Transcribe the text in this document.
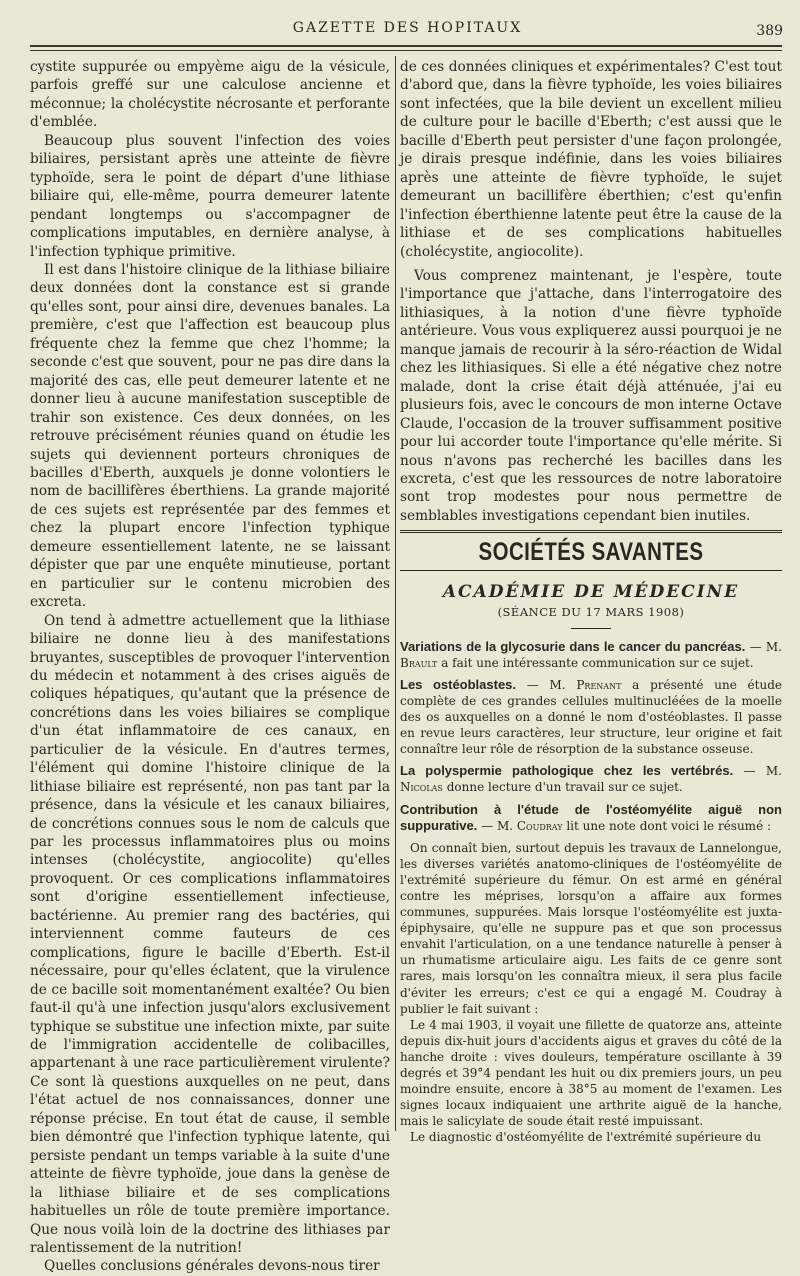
GAZETTE DES HOPITAUX	389

cystite suppurée ou empyème aigu de la vésicule, parfois greffé sur une calculose ancienne et méconnue; la cholécystite nécrosante et perforante d'emblée.

Beaucoup plus souvent l'infection des voies biliaires, persistant après une atteinte de fièvre typhoïde, sera le point de départ d'une lithiase biliaire qui, elle-même, pourra demeurer latente pendant longtemps ou s'accompagner de complications imputables, en dernière analyse, à l'infection typhique primitive.

Il est dans l'histoire clinique de la lithiase biliaire deux données dont la constance est si grande qu'elles sont, pour ainsi dire, devenues banales. La première, c'est que l'affection est beaucoup plus fréquente chez la femme que chez l'homme; la seconde c'est que souvent, pour ne pas dire dans la majorité des cas, elle peut demeurer latente et ne donner lieu à aucune manifestation susceptible de trahir son existence. Ces deux données, on les retrouve précisément réunies quand on étudie les sujets qui deviennent porteurs chroniques de bacilles d'Eberth, auxquels je donne volontiers le nom de bacillifères éberthiens. La grande majorité de ces sujets est représentée par des femmes et chez la plupart encore l'infection typhique demeure essentiellement latente, ne se laissant dépister que par une enquête minutieuse, portant en particulier sur le contenu microbien des excreta.

On tend à admettre actuellement que la lithiase biliaire ne donne lieu à des manifestations bruyantes, susceptibles de provoquer l'intervention du médecin et notamment à des crises aiguës de coliques hépatiques, qu'autant que la présence de concrétions dans les voies biliaires se complique d'un état inflammatoire de ces canaux, en particulier de la vésicule. En d'autres termes, l'élément qui domine l'histoire clinique de la lithiase biliaire est représenté, non pas tant par la présence, dans la vésicule et les canaux biliaires, de concrétions connues sous le nom de calculs que par les processus inflammatoires plus ou moins intenses (cholécystite, angiocolite) qu'elles provoquent. Or ces complications inflammatoires sont d'origine essentiellement infectieuse, bactérienne. Au premier rang des bactéries, qui interviennent comme fauteurs de ces complications, figure le bacille d'Eberth. Est-il nécessaire, pour qu'elles éclatent, que la virulence de ce bacille soit momentanément exaltée? Ou bien faut-il qu'à une infection jusqu'alors exclusivement typhique se substitue une infection mixte, par suite de l'immigration accidentelle de colibacilles, appartenant à une race particulièrement virulente? Ce sont là questions auxquelles on ne peut, dans l'état actuel de nos connaissances, donner une réponse précise. En tout état de cause, il semble bien démontré que l'infection typhique latente, qui persiste pendant un temps variable à la suite d'une atteinte de fièvre typhoïde, joue dans la genèse de la lithiase biliaire et de ses complications habituelles un rôle de toute première importance. Que nous voilà loin de la doctrine des lithiases par ralentissement de la nutrition!

Quelles conclusions générales devons-nous tirer

de ces données cliniques et expérimentales? C'est tout d'abord que, dans la fièvre typhoïde, les voies biliaires sont infectées, que la bile devient un excellent milieu de culture pour le bacille d'Eberth; c'est aussi que le bacille d'Eberth peut persister d'une façon prolongée, je dirais presque indéfinie, dans les voies biliaires après une atteinte de fièvre typhoïde, le sujet demeurant un bacillifère éberthien; c'est qu'enfin l'infection éberthienne latente peut être la cause de la lithiase et de ses complications habituelles (cholécystite, angiocolite).

Vous comprenez maintenant, je l'espère, toute l'importance que j'attache, dans l'interrogatoire des lithiasiques, à la notion d'une fièvre typhoïde antérieure. Vous vous expliquerez aussi pourquoi je ne manque jamais de recourir à la séro-réaction de Widal chez les lithiasiques. Si elle a été négative chez notre malade, dont la crise était déjà atténuée, j'ai eu plusieurs fois, avec le concours de mon interne Octave Claude, l'occasion de la trouver suffisamment positive pour lui accorder toute l'importance qu'elle mérite. Si nous n'avons pas recherché les bacilles dans les excreta, c'est que les ressources de notre laboratoire sont trop modestes pour nous permettre de semblables investigations cependant bien inutiles.

SOCIÉTÉS SAVANTES
ACADÉMIE DE MÉDECINE
(SÉANCE DU 17 MARS 1908)
Variations de la glycosurie dans le cancer du pancréas. — M. Brault a fait une intéressante communication sur ce sujet.
Les ostéoblastes. — M. Prenant a présenté une étude complète de ces grandes cellules multinucléées de la moelle des os auxquelles on a donné le nom d'ostéoblastes. Il passe en revue leurs caractères, leur structure, leur origine et fait connaître leur rôle de résorption de la substance osseuse.
La polyspermie pathologique chez les vertébrés. — M. Nicolas donne lecture d'un travail sur ce sujet.
Contribution à l'étude de l'ostéomyélite aiguë non suppurative. — M. Coudray lit une note dont voici le résumé :

On connaît bien, surtout depuis les travaux de Lannelongue, les diverses variétés anatomo-cliniques de l'ostéomyélite de l'extrémité supérieure du fémur. On est armé en général contre les méprises, lorsqu'on a affaire aux formes communes, suppurées. Mais lorsque l'ostéomyélite est juxta-épiphysaire, qu'elle ne suppure pas et que son processus envahit l'articulation, on a une tendance naturelle à penser à un rhumatisme articulaire aigu. Les faits de ce genre sont rares, mais lorsqu'on les connaîtra mieux, il sera plus facile d'éviter les erreurs; c'est ce qui a engagé M. Coudray à publier le fait suivant :

Le 4 mai 1903, il voyait une fillette de quatorze ans, atteinte depuis dix-huit jours d'accidents aigus et graves du côté de la hanche droite : vives douleurs, température oscillante à 39 degrés et 39°4 pendant les huit ou dix premiers jours, un peu moindre ensuite, encore à 38°5 au moment de l'examen. Les signes locaux indiquaient une arthrite aiguë de la hanche, mais le salicylate de soude était resté impuissant.

Le diagnostic d'ostéomyélite de l'extrémité supérieure du
